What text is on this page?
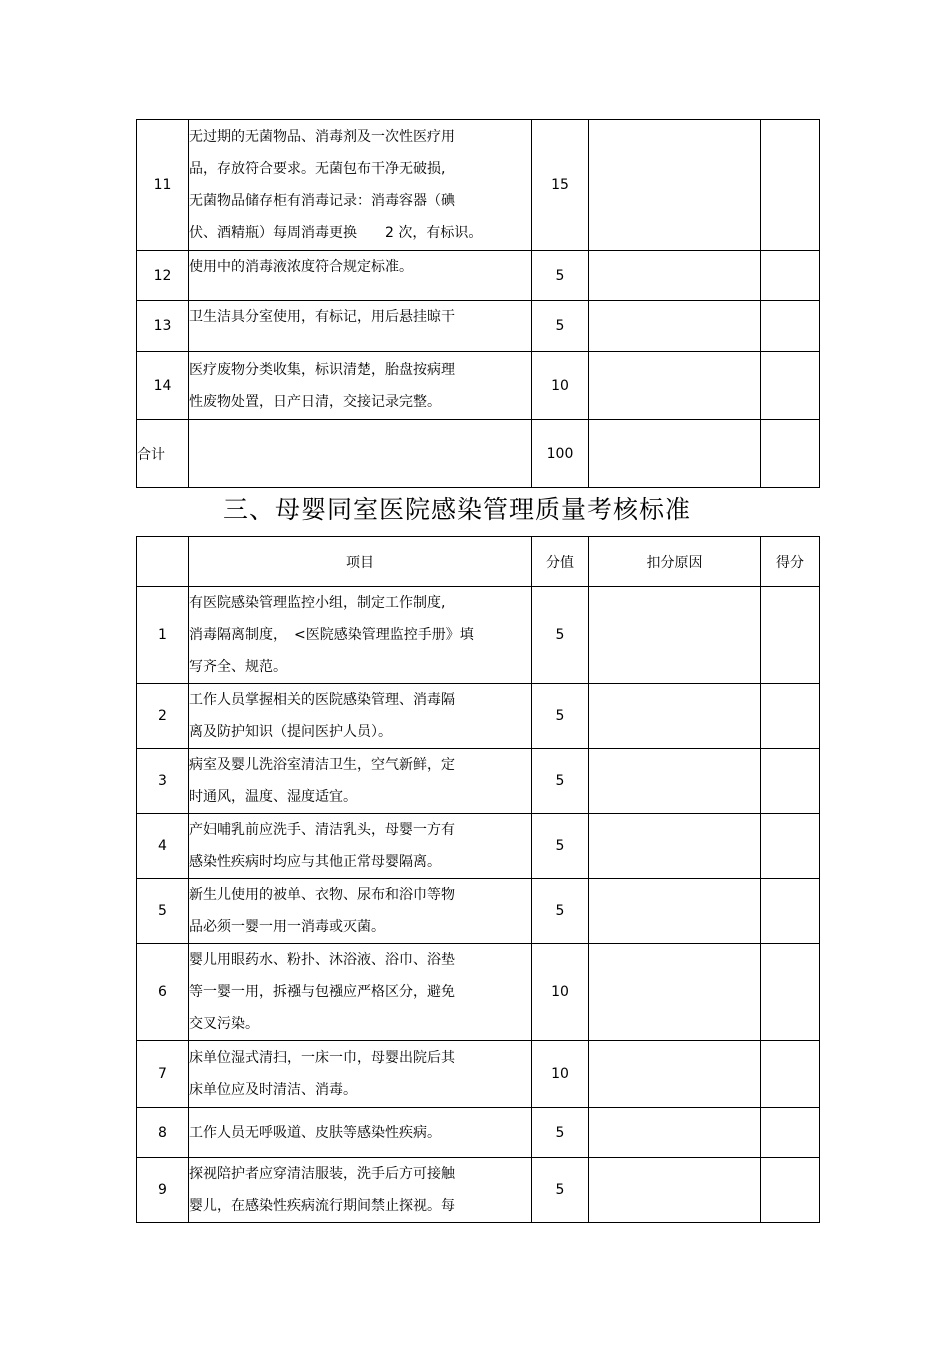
11	无过期的无菌物品、消毒剂及一次性医疗用
品，存放符合要求。无菌包布干净无破损,
无菌物品储存柜有消毒记录：消毒容器（碘
伏、酒精瓶）每周消毒更换　　2 次，有标识。	15		
12	使用中的消毒液浓度符合规定标准。	5		
13	卫生洁具分室使用，有标记，用后悬挂晾干	5		
14	医疗废物分类收集，标识清楚，胎盘按病理
性废物处置，日产日清，交接记录完整。	10		
合计		100		
三、母婴同室医院感染管理质量考核标准
	项目	分值	扣分原因	得分
1	有医院感染管理监控小组，制定工作制度,
消毒隔离制度，　<医院感染管理监控手册》填
写齐全、规范。	5		
2	工作人员掌握相关的医院感染管理、消毒隔
离及防护知识（提问医护人员）。	5		
3	病室及婴儿洗浴室清洁卫生，空气新鲜，定
时通风，温度、湿度适宜。	5		
4	产妇哺乳前应洗手、清洁乳头，母婴一方有
感染性疾病时均应与其他正常母婴隔离。	5		
5	新生儿使用的被单、衣物、尿布和浴巾等物
品必须一婴一用一消毒或灭菌。	5		
6	婴儿用眼药水、粉扑、沐浴液、浴巾、浴垫
等一婴一用，拆襁与包襁应严格区分，避免
交叉污染。	10		
7	床单位湿式清扫，一床一巾，母婴出院后其
床单位应及时清洁、消毒。	10		
8	工作人员无呼吸道、皮肤等感染性疾病。	5		
9	探视陪护者应穿清洁服装，洗手后方可接触
婴儿，在感染性疾病流行期间禁止探视。每	5		
